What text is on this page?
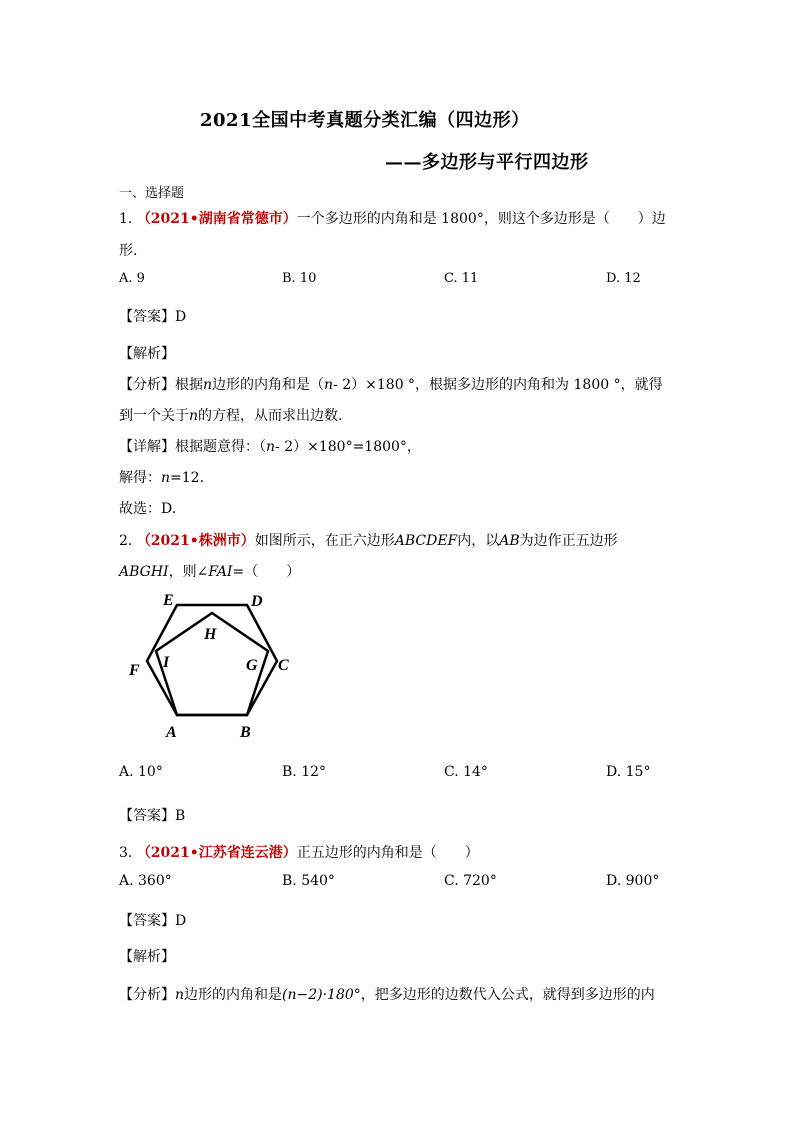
2021全国中考真题分类汇编（四边形）
——多边形与平行四边形
一、选择题
1. （2021•湖南省常德市）一个多边形的内角和是 1800°，则这个多边形是（　　）边
形.
A. 9	B. 10	C. 11	D. 12
【答案】D
【解析】
【分析】根据n边形的内角和是（n- 2）×180 °，根据多边形的内角和为 1800 °，就得
到一个关于n的方程，从而求出边数.
【详解】根据题意得：（n- 2）×180°=1800°，
解得：n=12.
故选：D.
2. （2021•株洲市）如图所示，在正六边形ABCDEF内，以AB为边作正五边形
ABGHI，则∠FAI=（　　）
E	D
H
F I	G C
A	B
A. 10°	B. 12°	C. 14°	D. 15°
【答案】B
3. （2021•江苏省连云港）正五边形的内角和是（　　）
A. 360°	B. 540°	C. 720°	D. 900°
【答案】D
【解析】
【分析】n边形的内角和是(n−2)·180°，把多边形的边数代入公式，就得到多边形的内
